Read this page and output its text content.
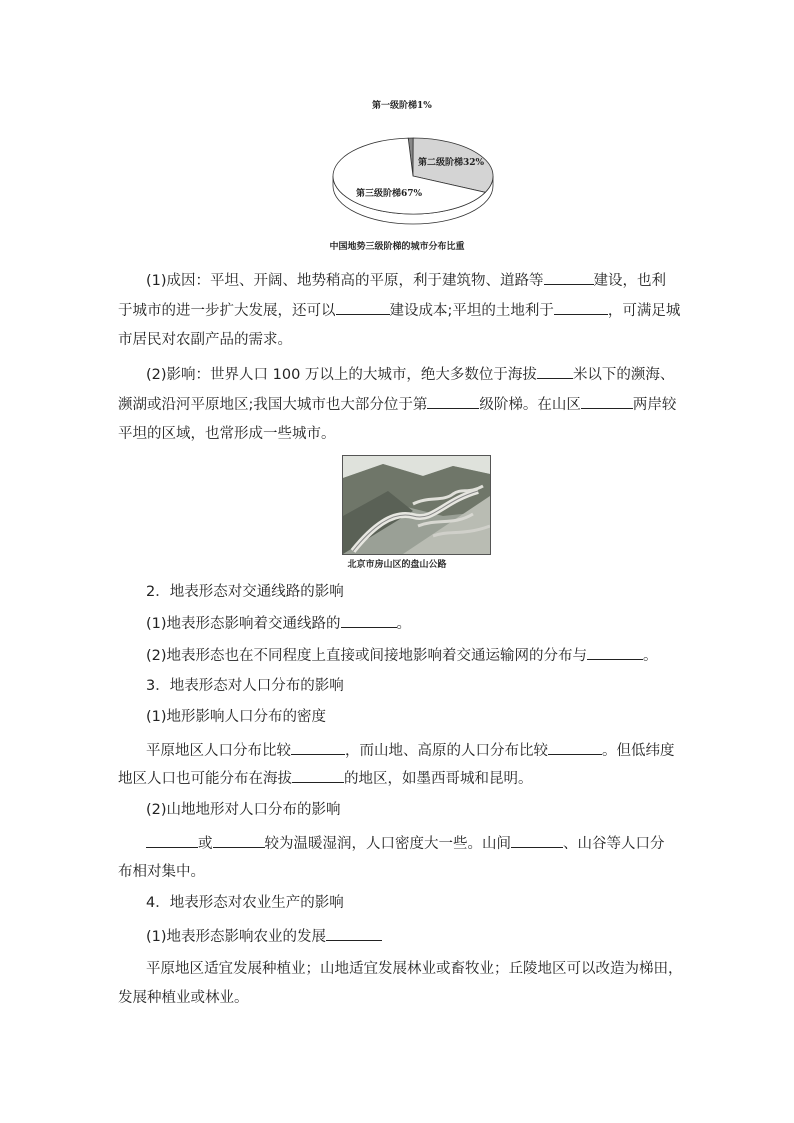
第一级阶梯1%
第二级阶梯32%
第三级阶梯67%
中国地势三级阶梯的城市分布比重
(1)成因：平坦、开阔、地势稍高的平原，利于建筑物、道路等	建设，也利
于城市的进一步扩大发展，还可以	建设成本;平坦的土地利于	，可满足城
市居民对农副产品的需求。
(2)影响：世界人口 100 万以上的大城市，绝大多数位于海拔 米以下的濒海、
濒湖或沿河平原地区;我国大城市也大部分位于第	级阶梯。在山区	两岸较
平坦的区域，也常形成一些城市。
北京市房山区的盘山公路
2．地表形态对交通线路的影响
(1)地表形态影响着交通线路的	。
(2)地表形态也在不同程度上直接或间接地影响着交通运输网的分布与	。
3．地表形态对人口分布的影响
(1)地形影响人口分布的密度
平原地区人口分布比较	，而山地、高原的人口分布比较	。但低纬度
地区人口也可能分布在海拔	的地区，如墨西哥城和昆明。
(2)山地地形对人口分布的影响
或	较为温暖湿润，人口密度大一些。山间	、山谷等人口分
布相对集中。
4．地表形态对农业生产的影响
(1)地表形态影响农业的发展
平原地区适宜发展种植业；山地适宜发展林业或畜牧业；丘陵地区可以改造为梯田，
发展种植业或林业。
